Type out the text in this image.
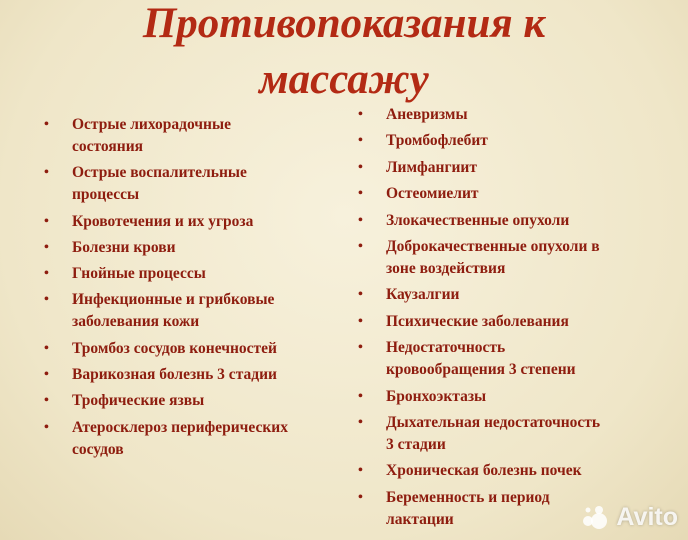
Противопоказания к
массажу
• Острые лихорадочные
состояния
• Острые воспалительные
процессы
• Кровотечения и их угроза
• Болезни крови
• Гнойные процессы
• Инфекционные и грибковые
заболевания кожи
• Тромбоз сосудов конечностей
• Варикозная болезнь 3 стадии
• Трофические язвы
• Атеросклероз периферических
сосудов
• Аневризмы
• Тромбофлебит
• Лимфангиит
• Остеомиелит
• Злокачественные опухоли
• Доброкачественные опухоли в
зоне воздействия
• Каузалгии
• Психические заболевания
• Недостаточность
кровообращения 3 степени
• Бронхоэктазы
• Дыхательная недостаточность
3 стадии
• Хроническая болезнь почек
• Беременность и период
лактации	Avito
